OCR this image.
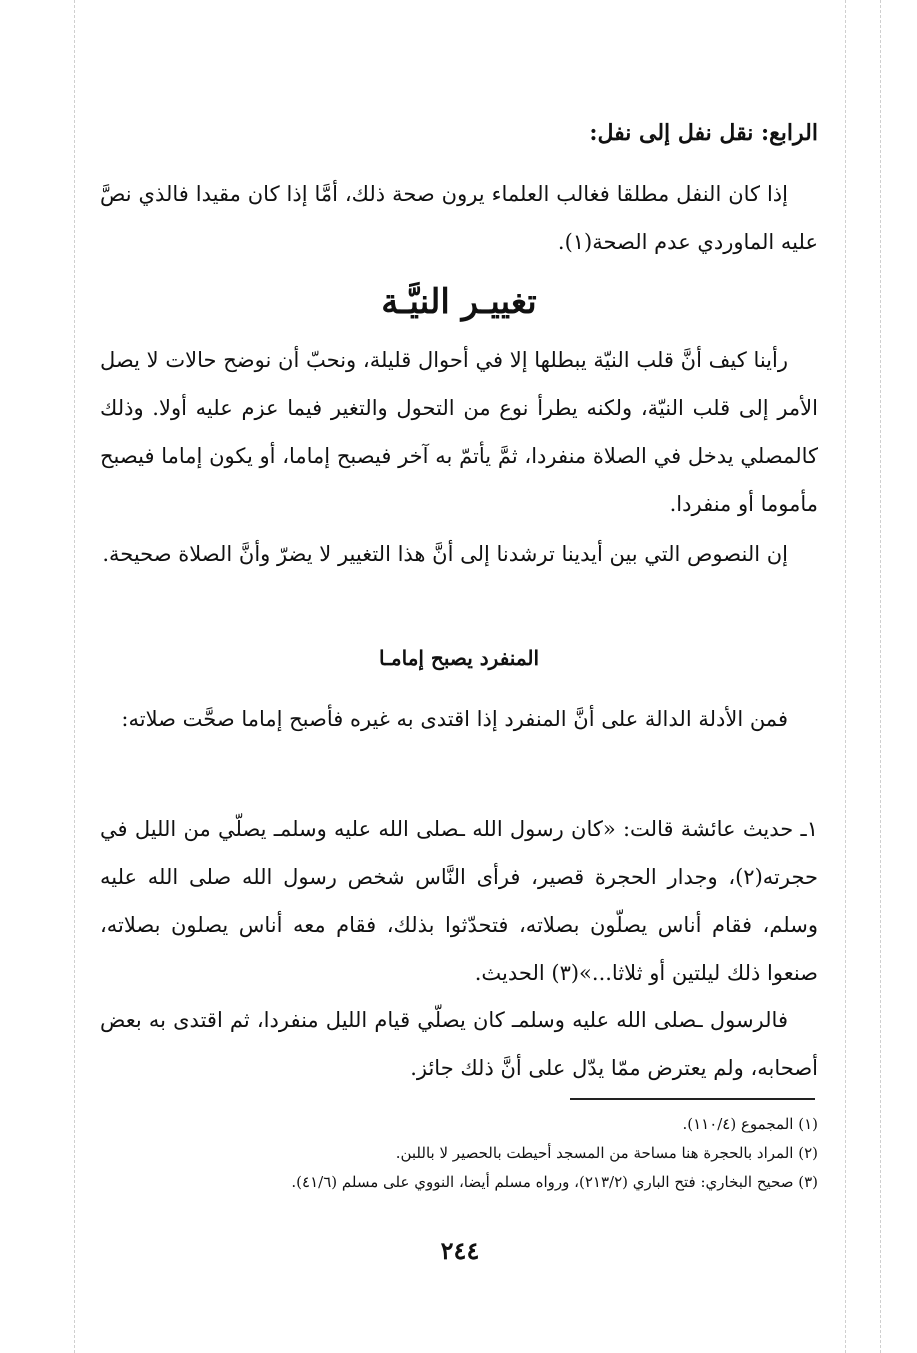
الرابع: نقل نفل إلى نفل:
إذا كان النفل مطلقا فغالب العلماء يرون صحة ذلك، أمَّا إذا كان مقيدا فالذي نصَّ عليه الماوردي عدم الصحة(١).
تغييـر النيَّـة
رأينا كيف أنَّ قلب النيّة يبطلها إلا في أحوال قليلة، ونحبّ أن نوضح حالات لا يصل الأمر إلى قلب النيّة، ولكنه يطرأ نوع من التحول والتغير فيما عزم عليه أولا. وذلك كالمصلي يدخل في الصلاة منفردا، ثمَّ يأتمّ به آخر فيصبح إماما، أو يكون إماما فيصبح مأموما أو منفردا.
إن النصوص التي بين أيدينا ترشدنا إلى أنَّ هذا التغيير لا يضرّ وأنَّ الصلاة صحيحة.
المنفرد يصبح إمامـا
فمن الأدلة الدالة على أنَّ المنفرد إذا اقتدى به غيره فأصبح إماما صحَّت صلاته:
١ـ حديث عائشة قالت: «كان رسول الله ـصلى الله عليه وسلمـ يصلّي من الليل في حجرته(٢)، وجدار الحجرة قصير، فرأى النَّاس شخص رسول الله صلى الله عليه وسلم، فقام أناس يصلّون بصلاته، فتحدّثوا بذلك، فقام معه أناس يصلون بصلاته، صنعوا ذلك ليلتين أو ثلاثا...»(٣) الحديث.
فالرسول ـصلى الله عليه وسلمـ كان يصلّي قيام الليل منفردا، ثم اقتدى به بعض أصحابه، ولم يعترض ممّا يدّل على أنَّ ذلك جائز.
(١) المجموع (١١٠/٤).
(٢) المراد بالحجرة هنا مساحة من المسجد أحيطت بالحصير لا باللبن.
(٣) صحيح البخاري: فتح الباري (٢١٣/٢)، ورواه مسلم أيضا، النووي على مسلم (٤١/٦).
٢٤٤
